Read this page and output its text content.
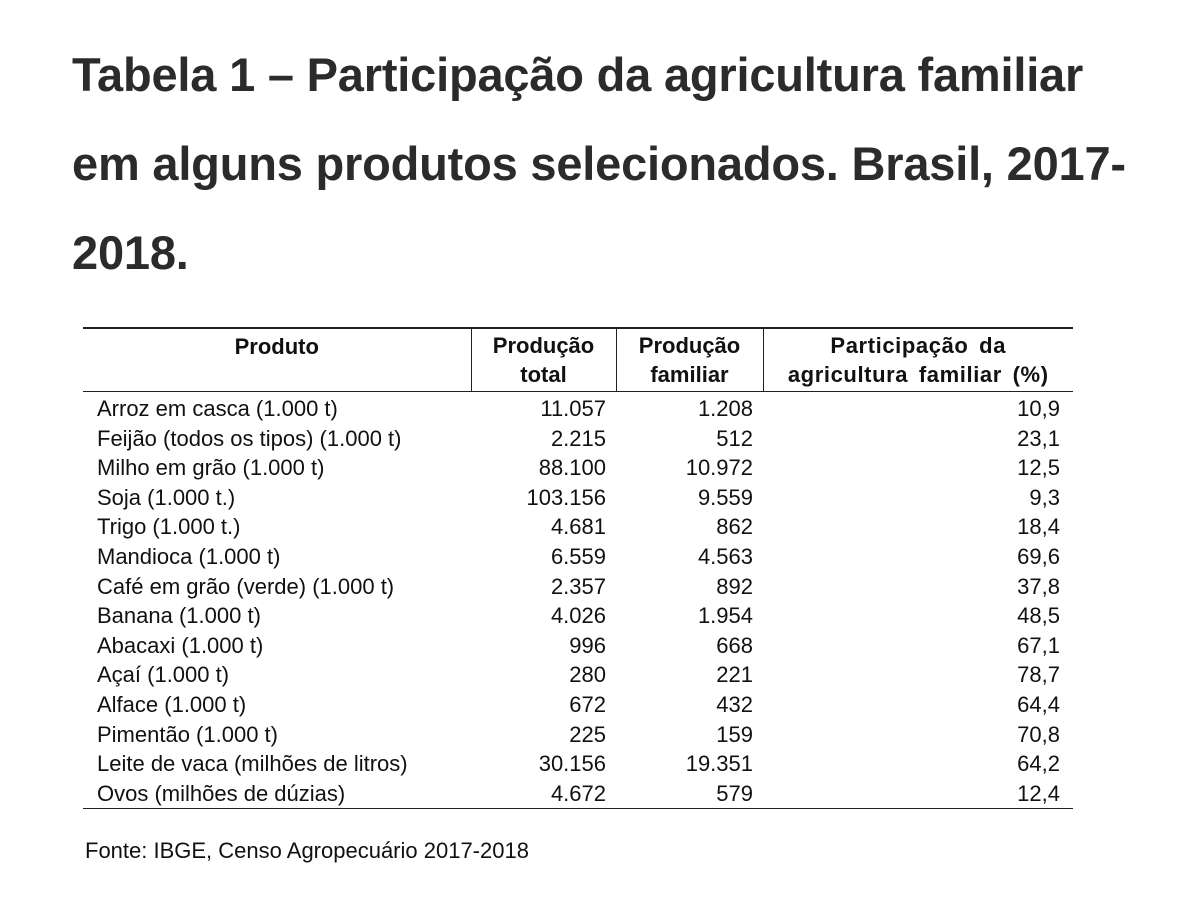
Tabela 1 – Participação da agricultura familiar em alguns produtos selecionados. Brasil, 2017-2018.
Produto	Produção total	Produção familiar	Participação da agricultura familiar (%)
Arroz em casca (1.000 t)	11.057	1.208	10,9
Feijão (todos os tipos) (1.000 t)	2.215	512	23,1
Milho em grão (1.000 t)	88.100	10.972	12,5
Soja (1.000 t.)	103.156	9.559	9,3
Trigo (1.000 t.)	4.681	862	18,4
Mandioca (1.000 t)	6.559	4.563	69,6
Café em grão (verde) (1.000 t)	2.357	892	37,8
Banana (1.000 t)	4.026	1.954	48,5
Abacaxi (1.000 t)	996	668	67,1
Açaí (1.000 t)	280	221	78,7
Alface (1.000 t)	672	432	64,4
Pimentão (1.000 t)	225	159	70,8
Leite de vaca (milhões de litros)	30.156	19.351	64,2
Ovos (milhões de dúzias)	4.672	579	12,4

Fonte: IBGE, Censo Agropecuário 2017-2018
